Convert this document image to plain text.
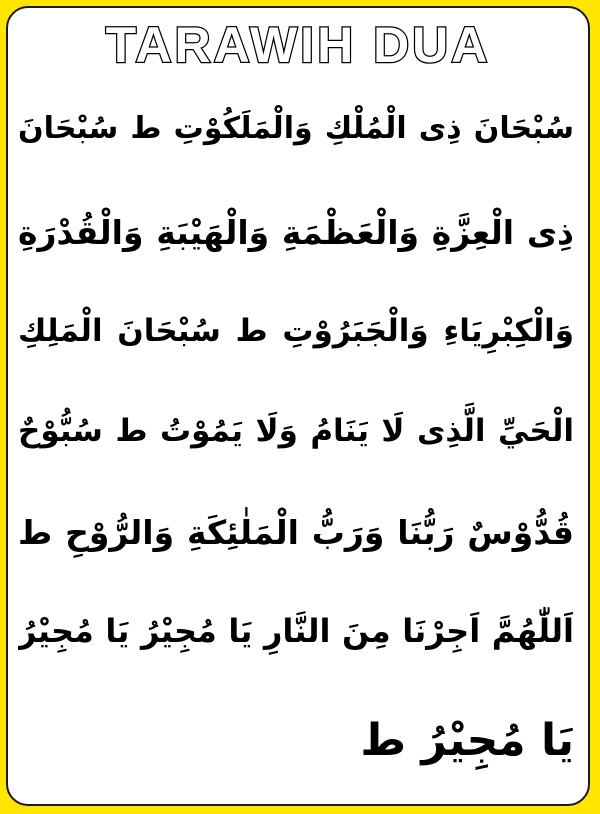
TARAWIH DUA
سُبْحَانَ ذِى الْمُلْكِ وَالْمَلَكُوْتِ ط سُبْحَانَ
ذِى الْعِزَّةِ وَالْعَظْمَةِ وَالْهَيْبَةِ وَالْقُدْرَةِ
وَالْكِبْرِيَاءِ وَالْجَبَرُوْتِ ط سُبْحَانَ الْمَلِكِ
الْحَيِّ الَّذِى لَا يَنَامُ وَلَا يَمُوْتُ ط سُبُّوْحٌ
قُدُّوْسٌ رَبُّنَا وَرَبُّ الْمَلٰئِكَةِ وَالرُّوْحِ ط
اَللّٰهُمَّ اَجِرْنَا مِنَ النَّارِ يَا مُجِيْرُ يَا مُجِيْرُ
يَا مُجِيْرُ ط
